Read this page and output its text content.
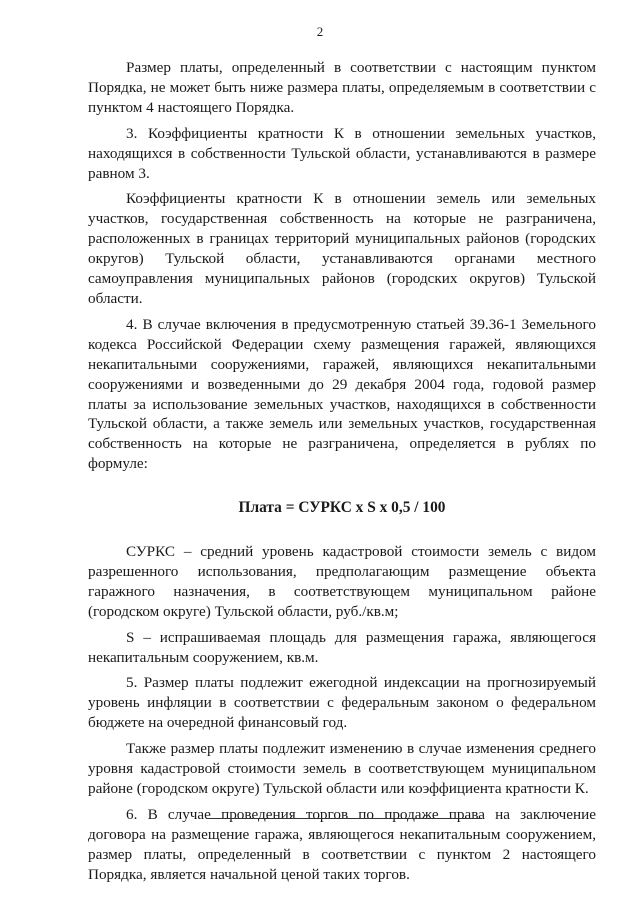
2

Размер платы, определенный в соответствии с настоящим пунктом Порядка, не может быть ниже размера платы, определяемым в соответствии с пунктом 4 настоящего Порядка.

3. Коэффициенты кратности К в отношении земельных участков, находящихся в собственности Тульской области, устанавливаются в размере равном 3.

Коэффициенты кратности К в отношении земель или земельных участков, государственная собственность на которые не разграничена, расположенных в границах территорий муниципальных районов (городских округов) Тульской области, устанавливаются органами местного самоуправления муниципальных районов (городских округов) Тульской области.

4. В случае включения в предусмотренную статьей 39.36-1 Земельного кодекса Российской Федерации схему размещения гаражей, являющихся некапитальными сооружениями, гаражей, являющихся некапитальными сооружениями и возведенными до 29 декабря 2004 года, годовой размер платы за использование земельных участков, находящихся в собственности Тульской области, а также земель или земельных участков, государственная собственность на которые не разграничена, определяется в рублях по формуле:

Плата = СУРКС х S х 0,5 / 100

СУРКС – средний уровень кадастровой стоимости земель с видом разрешенного использования, предполагающим размещение объекта гаражного назначения, в соответствующем муниципальном районе (городском округе) Тульской области, руб./кв.м;

S – испрашиваемая площадь для размещения гаража, являющегося некапитальным сооружением, кв.м.

5. Размер платы подлежит ежегодной индексации на прогнозируемый уровень инфляции в соответствии с федеральным законом о федеральном бюджете на очередной финансовый год.

Также размер платы подлежит изменению в случае изменения среднего уровня кадастровой стоимости земель в соответствующем муниципальном районе (городском округе) Тульской области или коэффициента кратности К.

6. В случае проведения торгов по продаже права на заключение договора на размещение гаража, являющегося некапитальным сооружением, размер платы, определенный в соответствии с пунктом 2 настоящего Порядка, является начальной ценой таких торгов.
